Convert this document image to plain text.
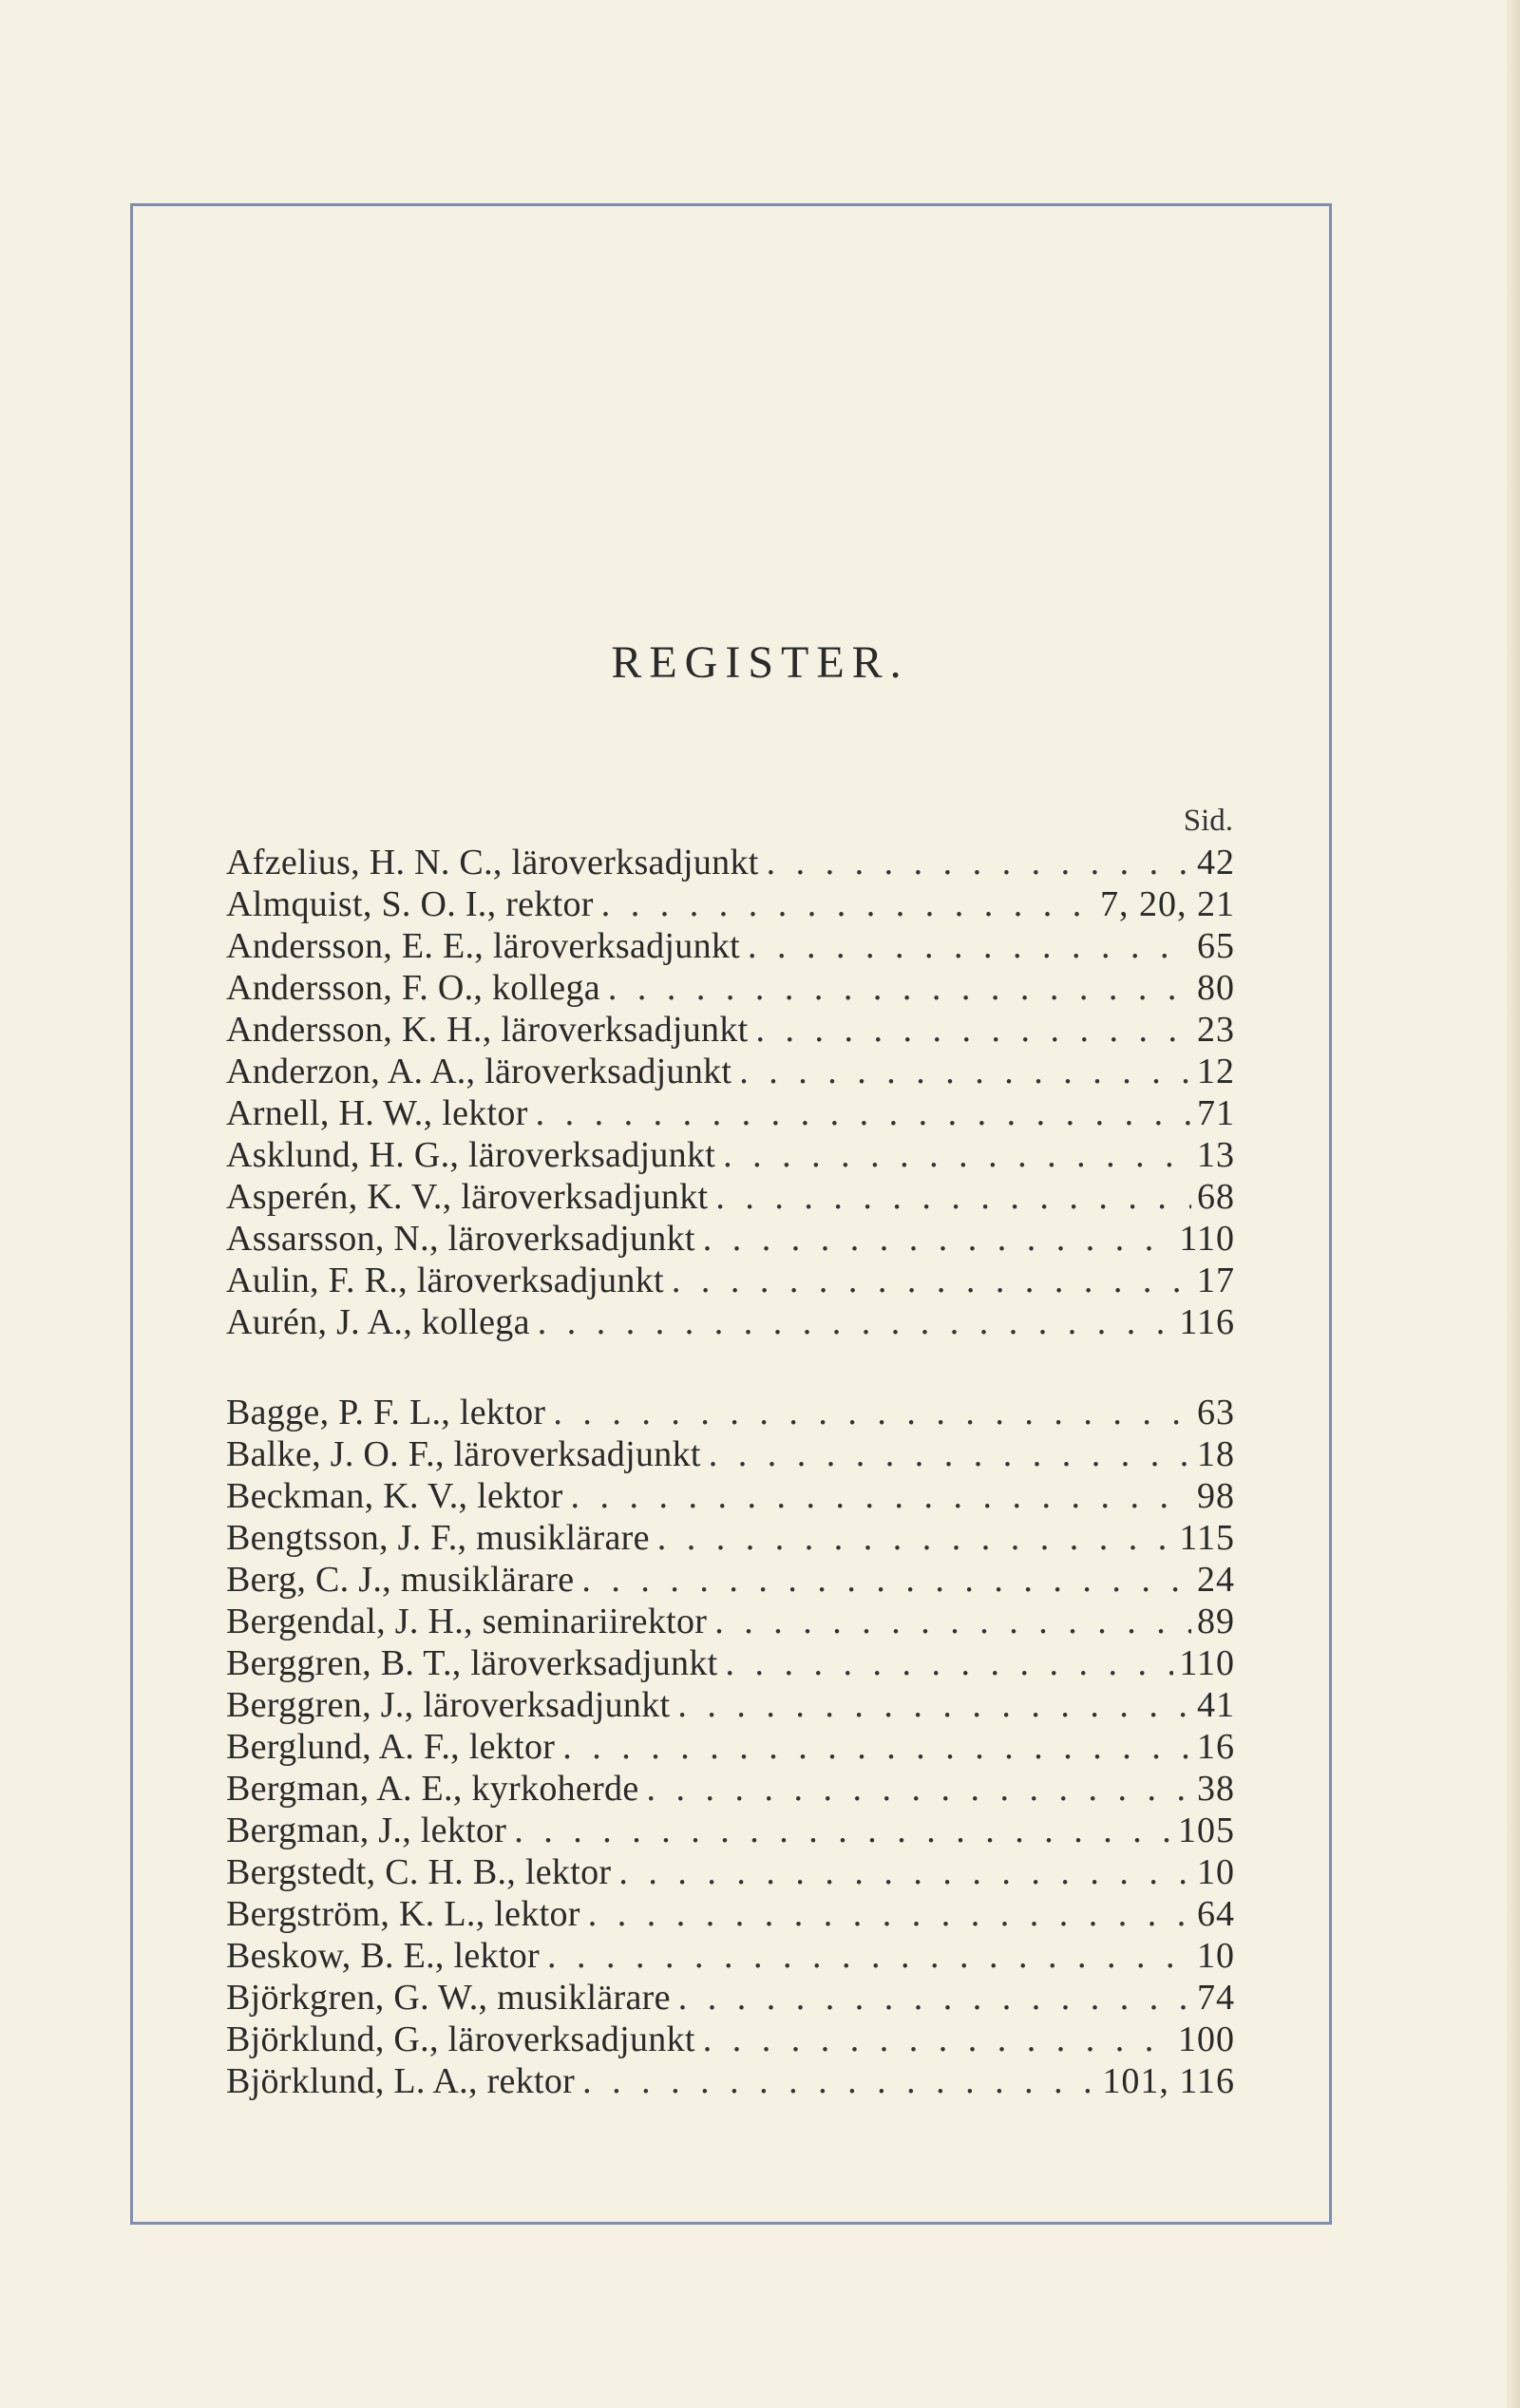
REGISTER.
Sid.
Afzelius, H. N. C., läroverksadjunkt . . .	42
Almquist, S. O. I., rektor . . .	7, 20, 21
Andersson, E. E., läroverksadjunkt . . .	65
Andersson, F. O., kollega . . .	80
Andersson, K. H., läroverksadjunkt . . .	23
Anderzon, A. A., läroverksadjunkt . . .	12
Arnell, H. W., lektor . . .	71
Asklund, H. G., läroverksadjunkt . . .	13
Asperén, K. V., läroverksadjunkt . . .	68
Assarsson, N., läroverksadjunkt . . .	110
Aulin, F. R., läroverksadjunkt . . .	17
Aurén, J. A., kollega . . .	116
Bagge, P. F. L., lektor . . .	63
Balke, J. O. F., läroverksadjunkt . . .	18
Beckman, K. V., lektor . . .	98
Bengtsson, J. F., musiklärare . . .	115
Berg, C. J., musiklärare . . .	24
Bergendal, J. H., seminariirektor . . .	89
Berggren, B. T., läroverksadjunkt . . .	110
Berggren, J., läroverksadjunkt . . .	41
Berglund, A. F., lektor . . .	16
Bergman, A. E., kyrkoherde . . .	38
Bergman, J., lektor . . .	105
Bergstedt, C. H. B., lektor . . .	10
Bergström, K. L., lektor . . .	64
Beskow, B. E., lektor . . .	10
Björkgren, G. W., musiklärare . . .	74
Björklund, G., läroverksadjunkt . . .	100
Björklund, L. A., rektor . . .	101, 116
